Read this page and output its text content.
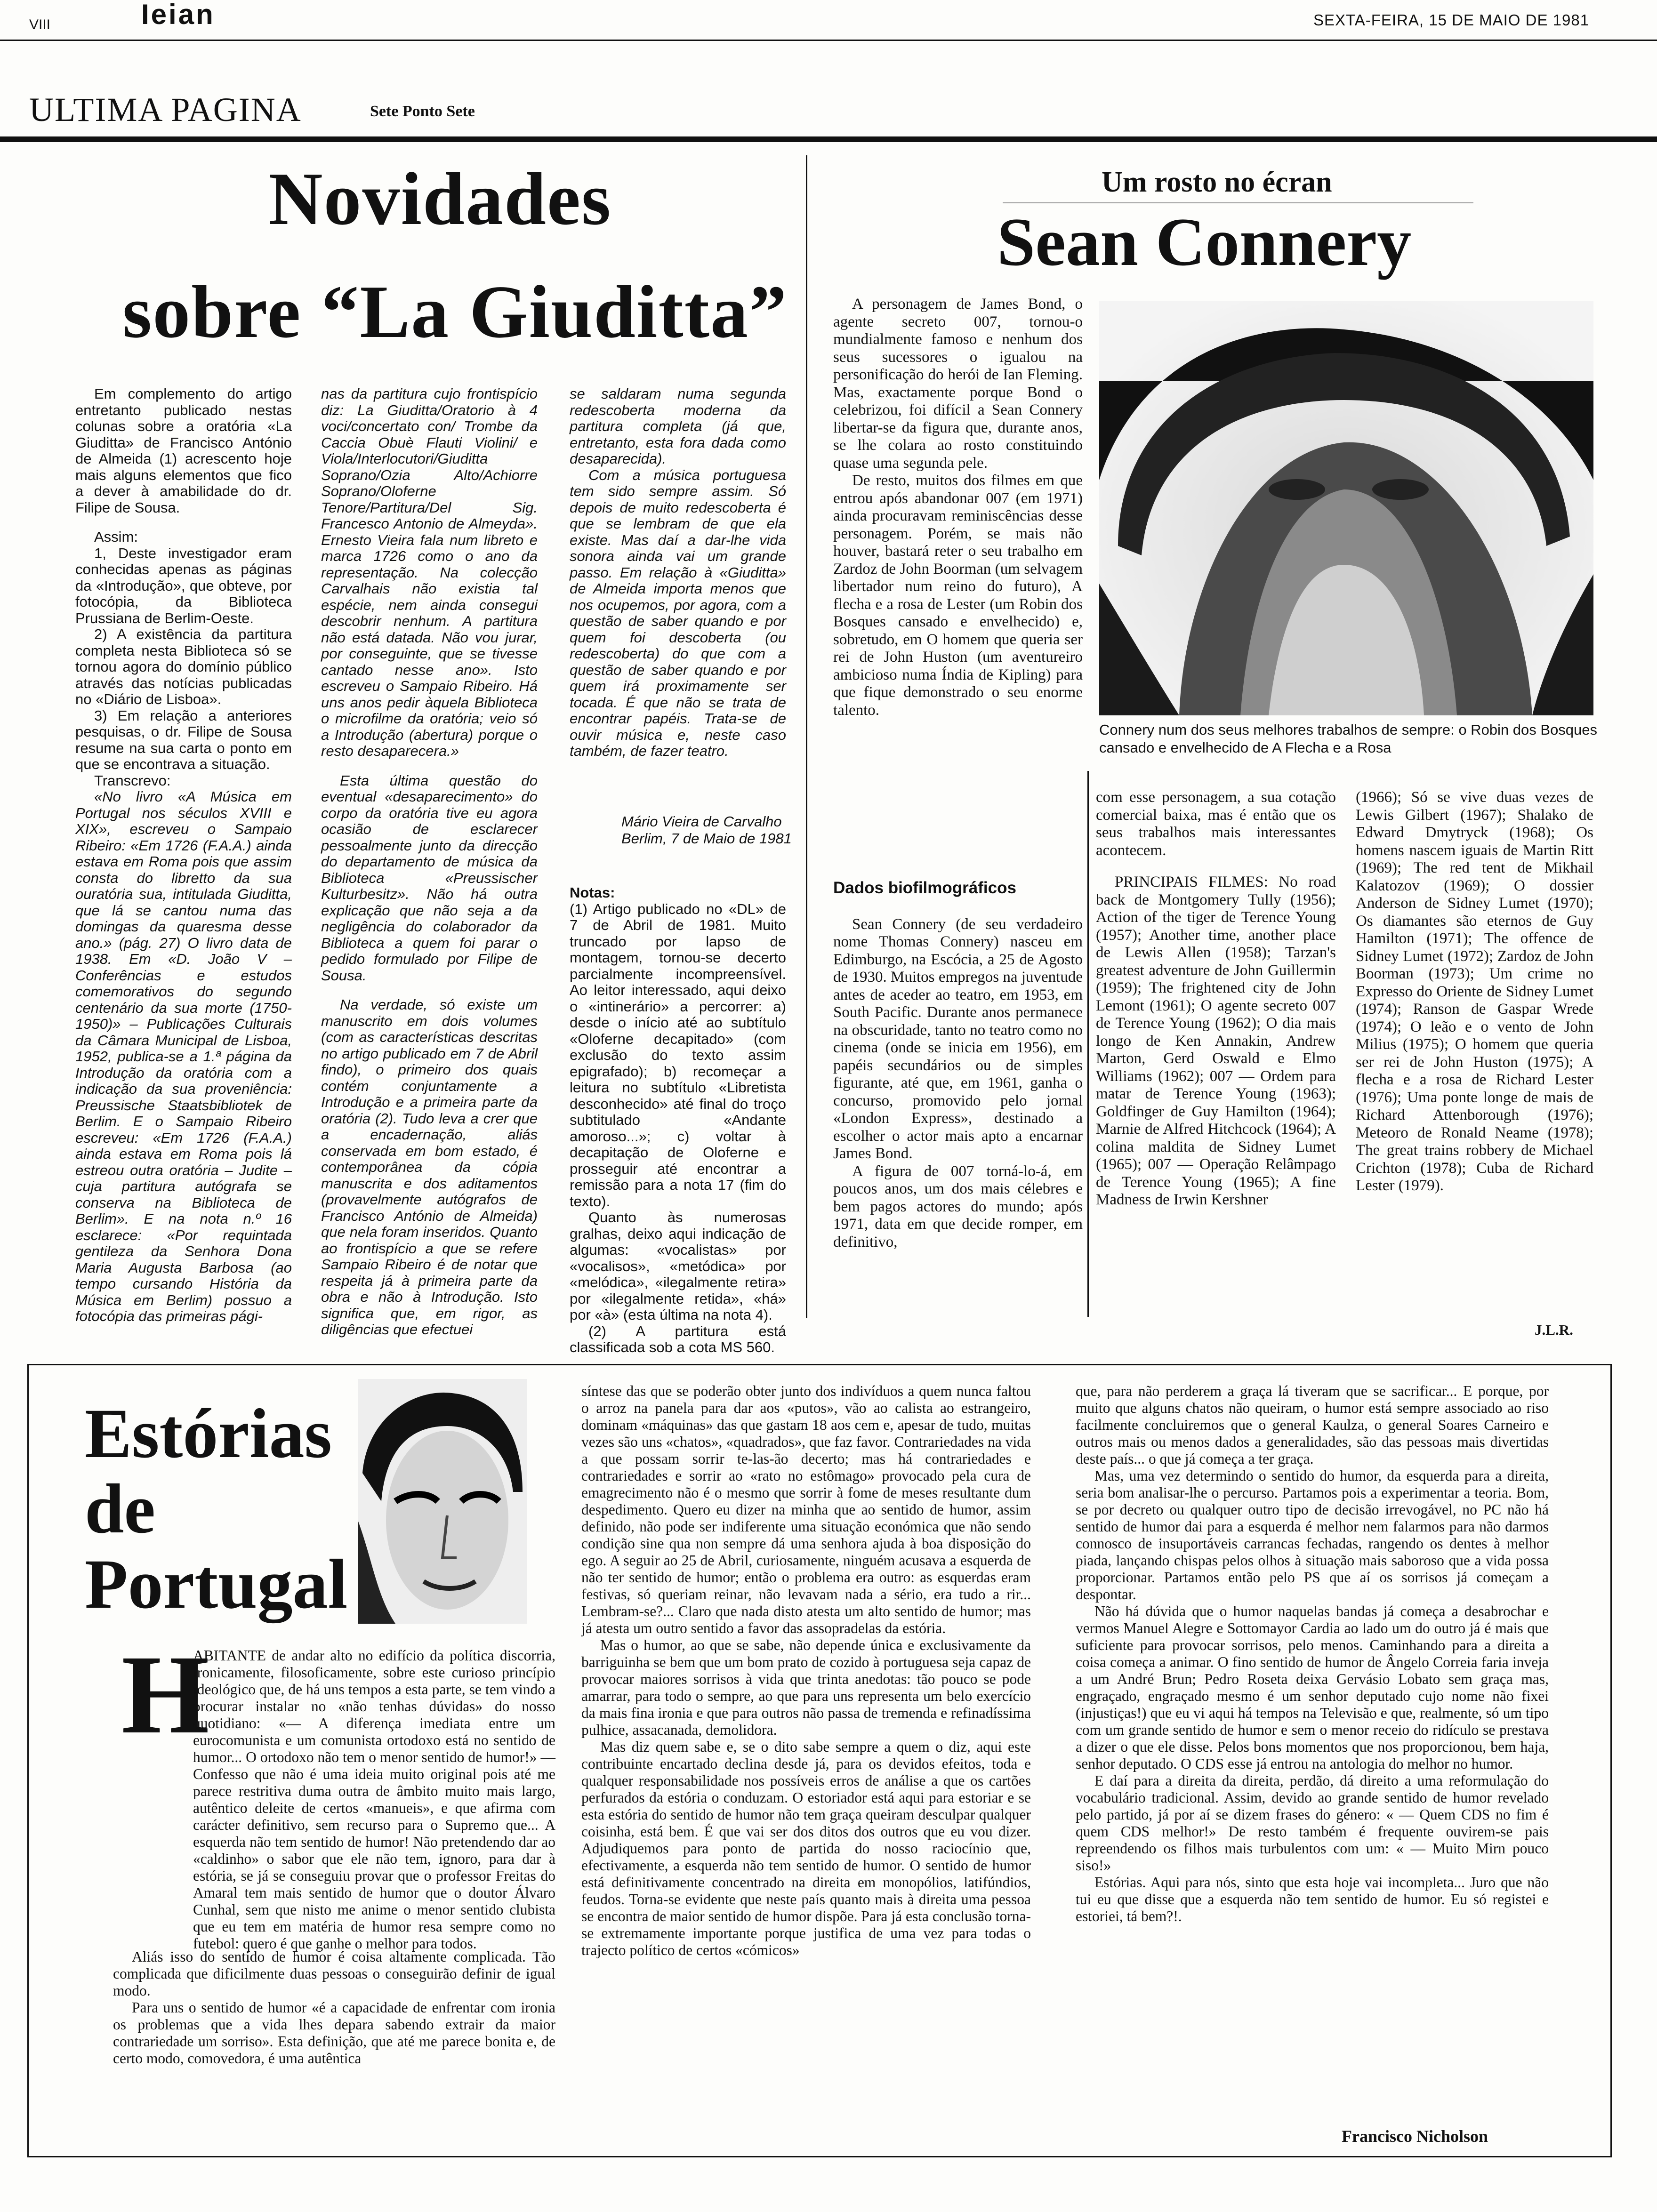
VIII	Ieian	SEXTA-FEIRA, 15 DE MAIO DE 1981
ULTIMA PAGINA	Sete Ponto Sete
Novidades
sobre “La Giuditta”

Em complemento do artigo entretanto publicado nestas colunas sobre a oratória «La Giuditta» de Francisco António de Almeida (1) acrescento hoje mais alguns elementos que fico a dever à amabilidade do dr. Filipe de Sousa.

Assim:

1, Deste investigador eram conhecidas apenas as páginas da «Introdução», que obteve, por fotocópia, da Biblioteca Prussiana de Berlim-Oeste.

2) A existência da partitura completa nesta Biblioteca só se tornou agora do domínio público através das notícias publicadas no «Diário de Lisboa».

3) Em relação a anteriores pesquisas, o dr. Filipe de Sousa resume na sua carta o ponto em que se encontrava a situação.

Transcrevo:

«No livro «A Música em Portugal nos séculos XVIII e XIX», escreveu o Sampaio Ribeiro: «Em 1726 (F.A.A.) ainda estava em Roma pois que assim consta do libretto da sua ouratória sua, intitulada Giuditta, que lá se cantou numa das domingas da quaresma desse ano.» (pág. 27) O livro data de 1938. Em «D. João V – Conferências e estudos comemorativos do segundo centenário da sua morte (1750-1950)» – Publicações Culturais da Câmara Municipal de Lisboa, 1952, publica-se a 1.ª página da Introdução da oratória com a indicação da sua proveniência: Preussische Staatsbibliotek de Berlim. E o Sampaio Ribeiro escreveu: «Em 1726 (F.A.A.) ainda estava em Roma pois lá estreou outra oratória – Judite – cuja partitura autógrafa se conserva na Biblioteca de Berlim». E na nota n.º 16 esclarece: «Por requintada gentileza da Senhora Dona Maria Augusta Barbosa (ao tempo cursando História da Música em Berlim) possuo a fotocópia das primeiras pági-

nas da partitura cujo frontispício diz: La Giuditta/Oratorio à 4 voci/concertato con/ Trombe da Caccia Obuè Flauti Violini/ e Viola/Interlocutori/Giuditta Soprano/Ozia Alto/Achiorre Soprano/Oloferne Tenore/Partitura/Del Sig. Francesco Antonio de Almeyda». Ernesto Vieira fala num libreto e marca 1726 como o ano da representação. Na colecção Carvalhais não existia tal espécie, nem ainda consegui descobrir nenhum. A partitura não está datada. Não vou jurar, por conseguinte, que se tivesse cantado nesse ano». Isto escreveu o Sampaio Ribeiro. Há uns anos pedir àquela Biblioteca o microfilme da oratória; veio só a Introdução (abertura) porque o resto desaparecera.»

Esta última questão do eventual «desaparecimento» do corpo da oratória tive eu agora ocasião de esclarecer pessoalmente junto da direcção do departamento de música da Biblioteca «Preussischer Kulturbesitz». Não há outra explicação que não seja a da negligência do colaborador da Biblioteca a quem foi parar o pedido formulado por Filipe de Sousa.

Na verdade, só existe um manuscrito em dois volumes (com as características descritas no artigo publicado em 7 de Abril findo), o primeiro dos quais contém conjuntamente a Introdução e a primeira parte da oratória (2). Tudo leva a crer que a encadernação, aliás conservada em bom estado, é contemporânea da cópia manuscrita e dos aditamentos (provavelmente autógrafos de Francisco António de Almeida) que nela foram inseridos. Quanto ao frontispício a que se refere Sampaio Ribeiro é de notar que respeita já à primeira parte da obra e não à Introdução. Isto significa que, em rigor, as diligências que efectuei

se saldaram numa segunda redescoberta moderna da partitura completa (já que, entretanto, esta fora dada como desaparecida).

Com a música portuguesa tem sido sempre assim. Só depois de muito redescoberta é que se lembram de que ela existe. Mas daí a dar-lhe vida sonora ainda vai um grande passo. Em relação à «Giuditta» de Almeida importa menos que nos ocupemos, por agora, com a questão de saber quando e por quem foi descoberta (ou redescoberta) do que com a questão de saber quando e por quem irá proximamente ser tocada. É que não se trata de encontrar papéis. Trata-se de ouvir música e, neste caso também, de fazer teatro.

Mário Vieira de Carvalho
Berlim, 7 de Maio de 1981
Notas:

(1) Artigo publicado no «DL» de 7 de Abril de 1981. Muito truncado por lapso de montagem, tornou-se decerto parcialmente incompreensível. Ao leitor interessado, aqui deixo o «intinerário» a percorrer: a) desde o início até ao subtítulo «Oloferne decapitado» (com exclusão do texto assim epigrafado); b) recomeçar a leitura no subtítulo «Libretista desconhecido» até final do troço subtitulado «Andante amoroso...»; c) voltar à decapitação de Oloferne e prosseguir até encontrar a remissão para a nota 17 (fim do texto).

Quanto às numerosas gralhas, deixo aqui indicação de algumas: «vocalistas» por «vocalisos», «metódica» por «melódica», «ilegalmente retira» por «ilegalmente retida», «há» por «à» (esta última na nota 4).

(2) A partitura está classificada sob a cota MS 560.

Um rosto no écran
Sean Connery

A personagem de James Bond, o agente secreto 007, tornou-o mundialmente famoso e nenhum dos seus sucessores o igualou na personificação do herói de Ian Fleming. Mas, exactamente porque Bond o celebrizou, foi difícil a Sean Connery libertar-se da figura que, durante anos, se lhe colara ao rosto constituindo quase uma segunda pele.

De resto, muitos dos filmes em que entrou após abandonar 007 (em 1971) ainda procuravam reminiscências desse personagem. Porém, se mais não houver, bastará reter o seu trabalho em Zardoz de John Boorman (um selvagem libertador num reino do futuro), A flecha e a rosa de Lester (um Robin dos Bosques cansado e envelhecido) e, sobretudo, em O homem que queria ser rei de John Huston (um aventureiro ambicioso numa Índia de Kipling) para que fique demonstrado o seu enorme talento.

Connery num dos seus melhores trabalhos de sempre: o Robin dos Bosques cansado e envelhecido de A Flecha e a Rosa
Dados biofilmográficos

Sean Connery (de seu verdadeiro nome Thomas Connery) nasceu em Edimburgo, na Escócia, a 25 de Agosto de 1930. Muitos empregos na juventude antes de aceder ao teatro, em 1953, em South Pacific. Durante anos permanece na obscuridade, tanto no teatro como no cinema (onde se inicia em 1956), em papéis secundários ou de simples figurante, até que, em 1961, ganha o concurso, promovido pelo jornal «London Express», destinado a escolher o actor mais apto a encarnar James Bond.

A figura de 007 torná-lo-á, em poucos anos, um dos mais célebres e bem pagos actores do mundo; após 1971, data em que decide romper, em definitivo,

com esse personagem, a sua cotação comercial baixa, mas é então que os seus trabalhos mais interessantes acontecem.

PRINCIPAIS FILMES: No road back de Montgomery Tully (1956); Action of the tiger de Terence Young (1957); Another time, another place de Lewis Allen (1958); Tarzan's greatest adventure de John Guillermin (1959); The frightened city de John Lemont (1961); O agente secreto 007 de Terence Young (1962); O dia mais longo de Ken Annakin, Andrew Marton, Gerd Oswald e Elmo Williams (1962); 007 — Ordem para matar de Terence Young (1963); Goldfinger de Guy Hamilton (1964); Marnie de Alfred Hitchcock (1964); A colina maldita de Sidney Lumet (1965); 007 — Operação Relâmpago de Terence Young (1965); A fine Madness de Irwin Kershner

(1966); Só se vive duas vezes de Lewis Gilbert (1967); Shalako de Edward Dmytryck (1968); Os homens nascem iguais de Martin Ritt (1969); The red tent de Mikhail Kalatozov (1969); O dossier Anderson de Sidney Lumet (1970); Os diamantes são eternos de Guy Hamilton (1971); The offence de Sidney Lumet (1972); Zardoz de John Boorman (1973); Um crime no Expresso do Oriente de Sidney Lumet (1974); Ranson de Gaspar Wrede (1974); O leão e o vento de John Milius (1975); O homem que queria ser rei de John Huston (1975); A flecha e a rosa de Richard Lester (1976); Uma ponte longe de mais de Richard Attenborough (1976); Meteoro de Ronald Neame (1978); The great trains robbery de Michael Crichton (1978); Cuba de Richard Lester (1979).

J.L.R.
Estórias
de
Portugal
H

ABITANTE de andar alto no edifício da política discorria, ironicamente, filosoficamente, sobre este curioso princípio ideológico que, de há uns tempos a esta parte, se tem vindo a procurar instalar no «não tenhas dúvidas» do nosso quotidiano: «— A diferença imediata entre um eurocomunista e um comunista ortodoxo está no sentido de humor... O ortodoxo não tem o menor sentido de humor!» — Confesso que não é uma ideia muito original pois até me parece restritiva duma outra de âmbito muito mais largo, autêntico deleite de certos «manueis», e que afirma com carácter definitivo, sem recurso para o Supremo que... A esquerda não tem sentido de humor! Não pretendendo dar ao «caldinho» o sabor que ele não tem, ignoro, para dar à estória, se já se conseguiu provar que o professor Freitas do Amaral tem mais sentido de humor que o doutor Álvaro Cunhal, sem que nisto me anime o menor sentido clubista que eu tem em matéria de humor resa sempre como no futebol: quero é que ganhe o melhor para todos.

Aliás isso do sentido de humor é coisa altamente complicada. Tão complicada que dificilmente duas pessoas o conseguirão definir de igual modo.

Para uns o sentido de humor «é a capacidade de enfrentar com ironia os problemas que a vida lhes depara sabendo extrair da maior contrariedade um sorriso». Esta definição, que até me parece bonita e, de certo modo, comovedora, é uma autêntica

síntese das que se poderão obter junto dos indivíduos a quem nunca faltou o arroz na panela para dar aos «putos», vão ao calista ao estrangeiro, dominam «máquinas» das que gastam 18 aos cem e, apesar de tudo, muitas vezes são uns «chatos», «quadrados», que faz favor. Contrariedades na vida a que possam sorrir te-las-ão decerto; mas há contrariedades e contrariedades e sorrir ao «rato no estômago» provocado pela cura de emagrecimento não é o mesmo que sorrir à fome de meses resultante dum despedimento. Quero eu dizer na minha que ao sentido de humor, assim definido, não pode ser indiferente uma situação económica que não sendo condição sine qua non sempre dá uma senhora ajuda à boa disposição do ego. A seguir ao 25 de Abril, curiosamente, ninguém acusava a esquerda de não ter sentido de humor; então o problema era outro: as esquerdas eram festivas, só queriam reinar, não levavam nada a sério, era tudo a rir... Lembram-se?... Claro que nada disto atesta um alto sentido de humor; mas já atesta um outro sentido a favor das assopradelas da estória.

Mas o humor, ao que se sabe, não depende única e exclusivamente da barriguinha se bem que um bom prato de cozido à portuguesa seja capaz de provocar maiores sorrisos à vida que trinta anedotas: tão pouco se pode amarrar, para todo o sempre, ao que para uns representa um belo exercício da mais fina ironia e que para outros não passa de tremenda e refinadíssima pulhice, assacanada, demolidora.

Mas diz quem sabe e, se o dito sabe sempre a quem o diz, aqui este contribuinte encartado declina desde já, para os devidos efeitos, toda e qualquer responsabilidade nos possíveis erros de análise a que os cartões perfurados da estória o conduzam. O estoriador está aqui para estoriar e se esta estória do sentido de humor não tem graça queiram desculpar qualquer coisinha, está bem. É que vai ser dos ditos dos outros que eu vou dizer. Adjudiquemos para ponto de partida do nosso raciocínio que, efectivamente, a esquerda não tem sentido de humor. O sentido de humor está definitivamente concentrado na direita em monopólios, latifúndios, feudos. Torna-se evidente que neste país quanto mais à direita uma pessoa se encontra de maior sentido de humor dispõe. Para já esta conclusão torna-se extremamente importante porque justifica de uma vez para todas o trajecto político de certos «cómicos»

que, para não perderem a graça lá tiveram que se sacrificar... E porque, por muito que alguns chatos não queiram, o humor está sempre associado ao riso facilmente concluiremos que o general Kaulza, o general Soares Carneiro e outros mais ou menos dados a generalidades, são das pessoas mais divertidas deste país... o que já começa a ter graça.

Mas, uma vez determindo o sentido do humor, da esquerda para a direita, seria bom analisar-lhe o percurso. Partamos pois a experimentar a teoria. Bom, se por decreto ou qualquer outro tipo de decisão irrevogável, no PC não há sentido de humor dai para a esquerda é melhor nem falarmos para não darmos connosco de insuportáveis carrancas fechadas, rangendo os dentes à melhor piada, lançando chispas pelos olhos à situação mais saboroso que a vida possa proporcionar. Partamos então pelo PS que aí os sorrisos já começam a despontar.

Não há dúvida que o humor naquelas bandas já começa a desabrochar e vermos Manuel Alegre e Sottomayor Cardia ao lado um do outro já é mais que suficiente para provocar sorrisos, pelo menos. Caminhando para a direita a coisa começa a animar. O fino sentido de humor de Ângelo Correia faria inveja a um André Brun; Pedro Roseta deixa Gervásio Lobato sem graça mas, engraçado, engraçado mesmo é um senhor deputado cujo nome não fixei (injustiças!) que eu vi aqui há tempos na Televisão e que, realmente, só um tipo com um grande sentido de humor e sem o menor receio do ridículo se prestava a dizer o que ele disse. Pelos bons momentos que nos proporcionou, bem haja, senhor deputado. O CDS esse já entrou na antologia do melhor no humor.

E daí para a direita da direita, perdão, dá direito a uma reformulação do vocabulário tradicional. Assim, devido ao grande sentido de humor revelado pelo partido, já por aí se dizem frases do género: « — Quem CDS no fim é quem CDS melhor!» De resto também é frequente ouvirem-se pais repreendendo os filhos mais turbulentos com um: « — Muito Mirn pouco siso!»

Estórias. Aqui para nós, sinto que esta hoje vai incompleta... Juro que não tui eu que disse que a esquerda não tem sentido de humor. Eu só registei e estoriei, tá bem?!.

Francisco Nicholson
